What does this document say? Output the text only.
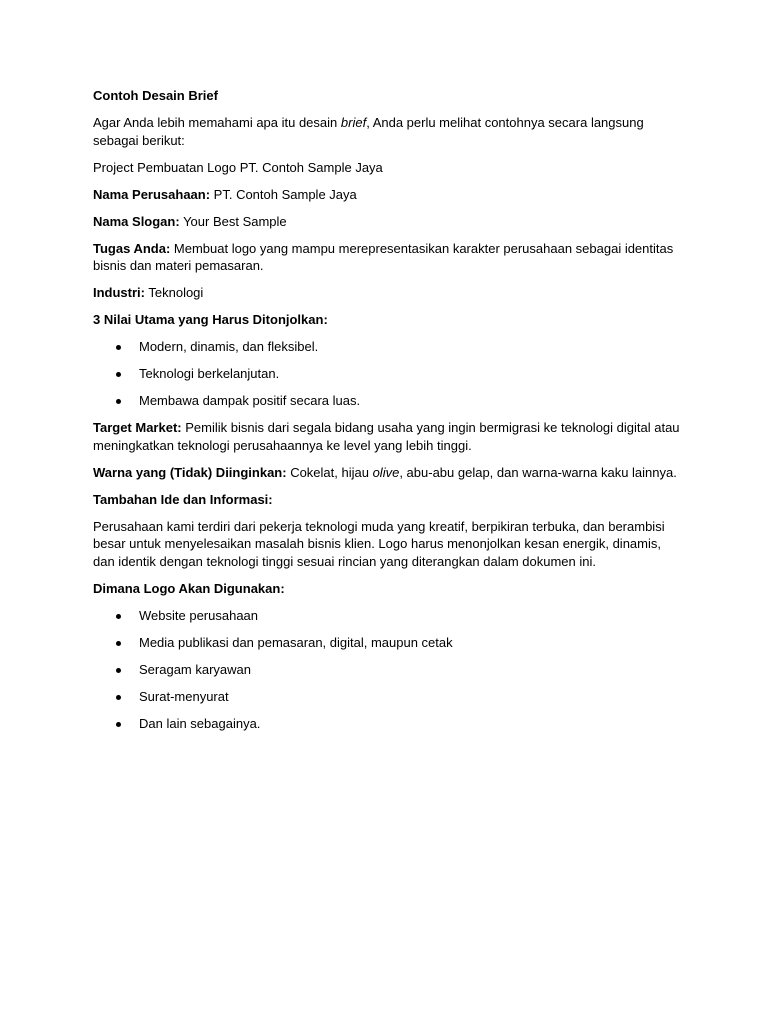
Contoh Desain Brief

Agar Anda lebih memahami apa itu desain brief, Anda perlu melihat contohnya secara langsung sebagai berikut:

Project Pembuatan Logo PT. Contoh Sample Jaya

Nama Perusahaan: PT. Contoh Sample Jaya

Nama Slogan: Your Best Sample

Tugas Anda: Membuat logo yang mampu merepresentasikan karakter perusahaan sebagai identitas bisnis dan materi pemasaran.

Industri: Teknologi

3 Nilai Utama yang Harus Ditonjolkan:

Modern, dinamis, dan fleksibel.
Teknologi berkelanjutan.
Membawa dampak positif secara luas.

Target Market: Pemilik bisnis dari segala bidang usaha yang ingin bermigrasi ke teknologi digital atau meningkatkan teknologi perusahaannya ke level yang lebih tinggi.

Warna yang (Tidak) Diinginkan: Cokelat, hijau olive, abu-abu gelap, dan warna-warna kaku lainnya.

Tambahan Ide dan Informasi:

Perusahaan kami terdiri dari pekerja teknologi muda yang kreatif, berpikiran terbuka, dan berambisi besar untuk menyelesaikan masalah bisnis klien. Logo harus menonjolkan kesan energik, dinamis, dan identik dengan teknologi tinggi sesuai rincian yang diterangkan dalam dokumen ini.

Dimana Logo Akan Digunakan:

Website perusahaan
Media publikasi dan pemasaran, digital, maupun cetak
Seragam karyawan
Surat-menyurat
Dan lain sebagainya.
